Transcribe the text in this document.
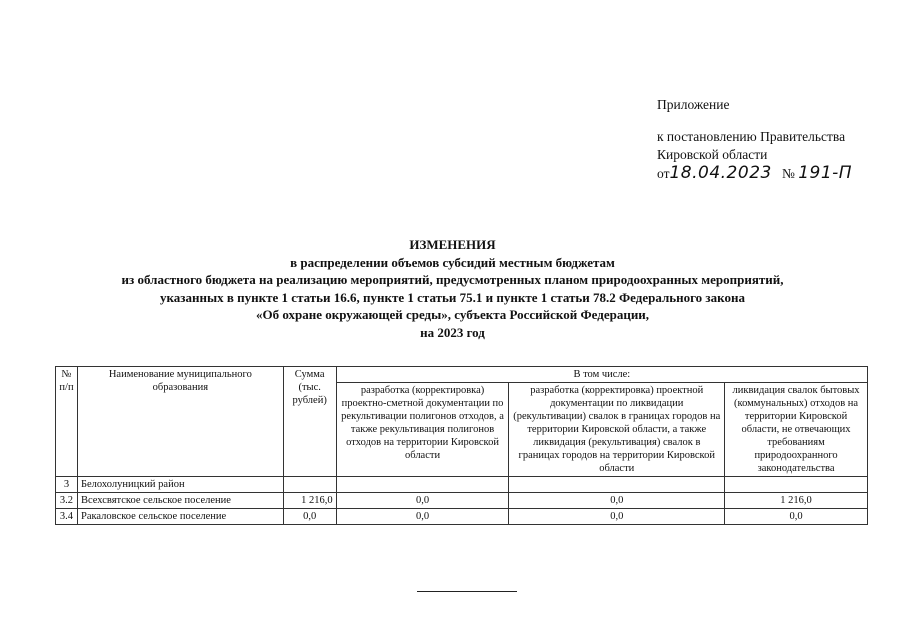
Приложение
к постановлению Правительства
Кировской области
от18.04.2023 № 191-П
ИЗМЕНЕНИЯ
в распределении объемов субсидий местным бюджетам
из областного бюджета на реализацию мероприятий, предусмотренных планом природоохранных мероприятий,
указанных в пункте 1 статьи 16.6, пункте 1 статьи 75.1 и пункте 1 статьи 78.2 Федерального закона
«Об охране окружающей среды», субъекта Российской Федерации,
на 2023 год
№ п/п	Наименование муниципального образования	Сумма (тыс. рублей)	В том числе:		
			разработка (корректировка) проектно-сметной документации по рекультивации полигонов отходов, а также рекультивация полигонов отходов на территории Кировской области	разработка (корректировка) проектной документации по ликвидации (рекультивации) свалок в границах городов на территории Кировской области, а также ликвидация (рекультивация) свалок в границах городов на территории Кировской области	ликвидация свалок бытовых (коммунальных) отходов на территории Кировской области, не отвечающих требованиям природоохранного законодательства
3	Белохолуницкий район				
3.2	Всехсвятское сельское поселение	1 216,0	0,0	0,0	1 216,0
3.4	Ракаловское сельское поселение	0,0	0,0	0,0	0,0
